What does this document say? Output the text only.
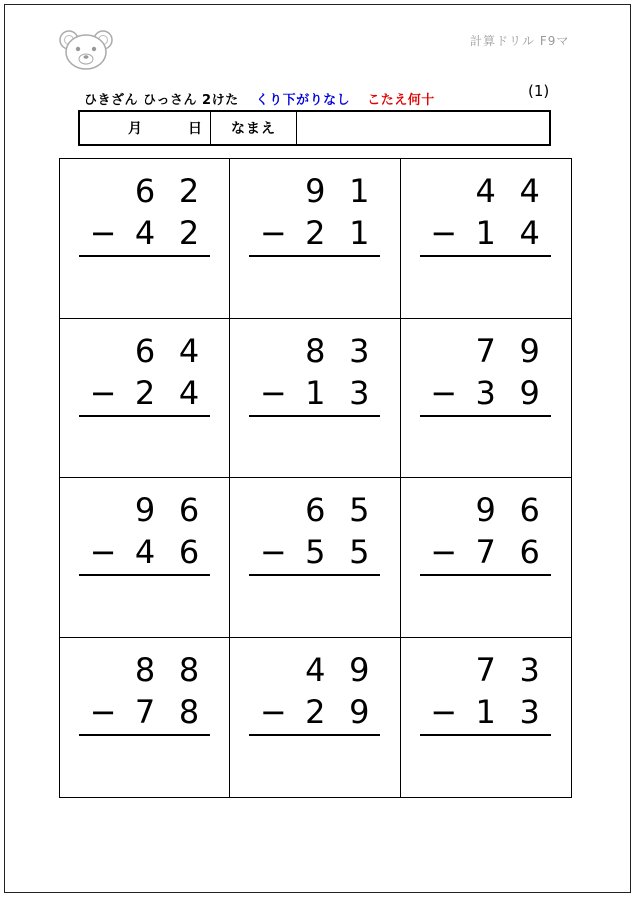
計算ドリル F9マ
ひきざん ひっさん 2けた くり下がりなし こたえ何十
(1)
月	日	なまえ
6 2
− 4 2
9 1
− 2 1
4 4
− 1 4
6 4
− 2 4
8 3
− 1 3
7 9
− 3 9
9 6
− 4 6
6 5
− 5 5
9 6
− 7 6
8 8
− 7 8
4 9
− 2 9
7 3
− 1 3
